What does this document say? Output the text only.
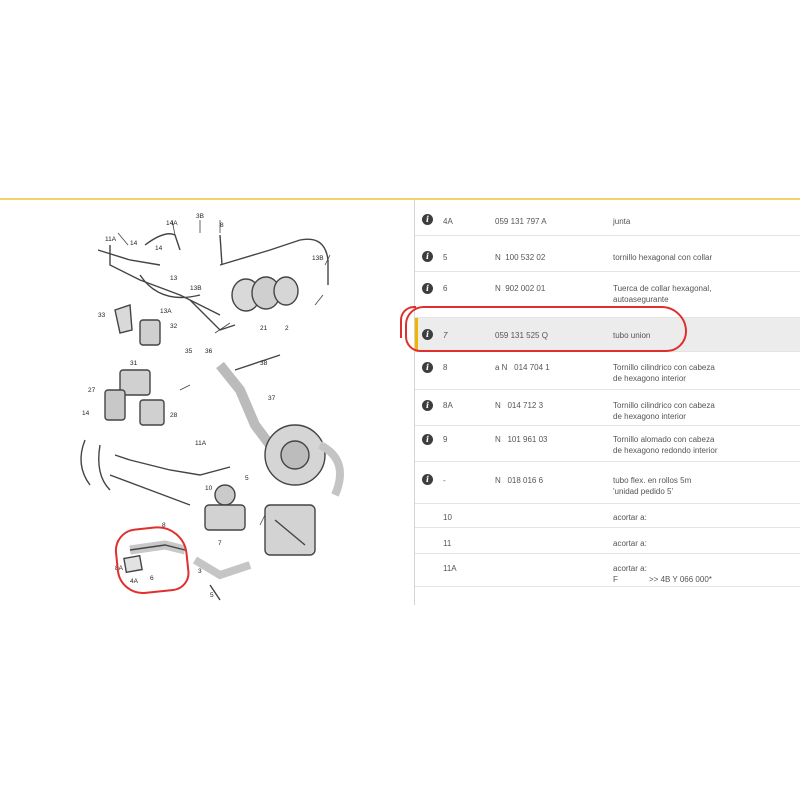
14A
3B
8
11A
14
14
13B
13
13B
33
13A
32	21	2
35 36
38
27
31
14	28
37
11A
5
10
8
7
6
3
4A
5
8A
i	4A	059 131 797 A	junta
i	5	N  100 532 02	tornillo hexagonal con collar
i	6	N  902 002 01	Tuerca de collar hexagonal,
autoasegurante
i	7	059 131 525 Q	tubo union
i	8	a N   014 704 1	Tornillo cilindrico con cabeza
de hexagono interior
i	8A	N   014 712 3	Tornillo cilindrico con cabeza
de hexagono interior
i	9	N   101 961 03	Tornillo alomado con cabeza
de hexagono redondo interior
i	-	N   018 016 6	tubo flex. en rollos 5m
'unidad pedido 5'
10	acortar a:
11	acortar a:
11A	acortar a:
F              >> 4B Y 066 000*
